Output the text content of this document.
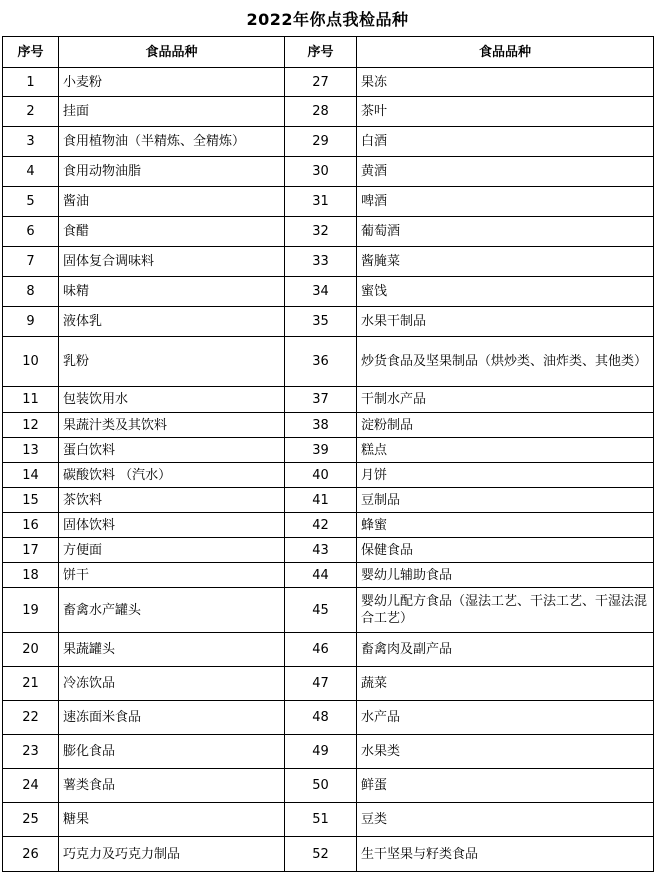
2022年你点我检品种
序号	食品品种	序号	食品品种
1	小麦粉	27	果冻
2	挂面	28	茶叶
3	食用植物油（半精炼、全精炼）	29	白酒
4	食用动物油脂	30	黄酒
5	酱油	31	啤酒
6	食醋	32	葡萄酒
7	固体复合调味料	33	酱腌菜
8	味精	34	蜜饯
9	液体乳	35	水果干制品
10	乳粉	36	炒货食品及坚果制品（烘炒类、油炸类、其他类）
11	包装饮用水	37	干制水产品
12	果蔬汁类及其饮料	38	淀粉制品
13	蛋白饮料	39	糕点
14	碳酸饮料 （汽水）	40	月饼
15	茶饮料	41	豆制品
16	固体饮料	42	蜂蜜
17	方便面	43	保健食品
18	饼干	44	婴幼儿辅助食品
19	畜禽水产罐头	45	婴幼儿配方食品（湿法工艺、干法工艺、干湿法混合工艺）
20	果蔬罐头	46	畜禽肉及副产品
21	冷冻饮品	47	蔬菜
22	速冻面米食品	48	水产品
23	膨化食品	49	水果类
24	薯类食品	50	鲜蛋
25	糖果	51	豆类
26	巧克力及巧克力制品	52	生干坚果与籽类食品
